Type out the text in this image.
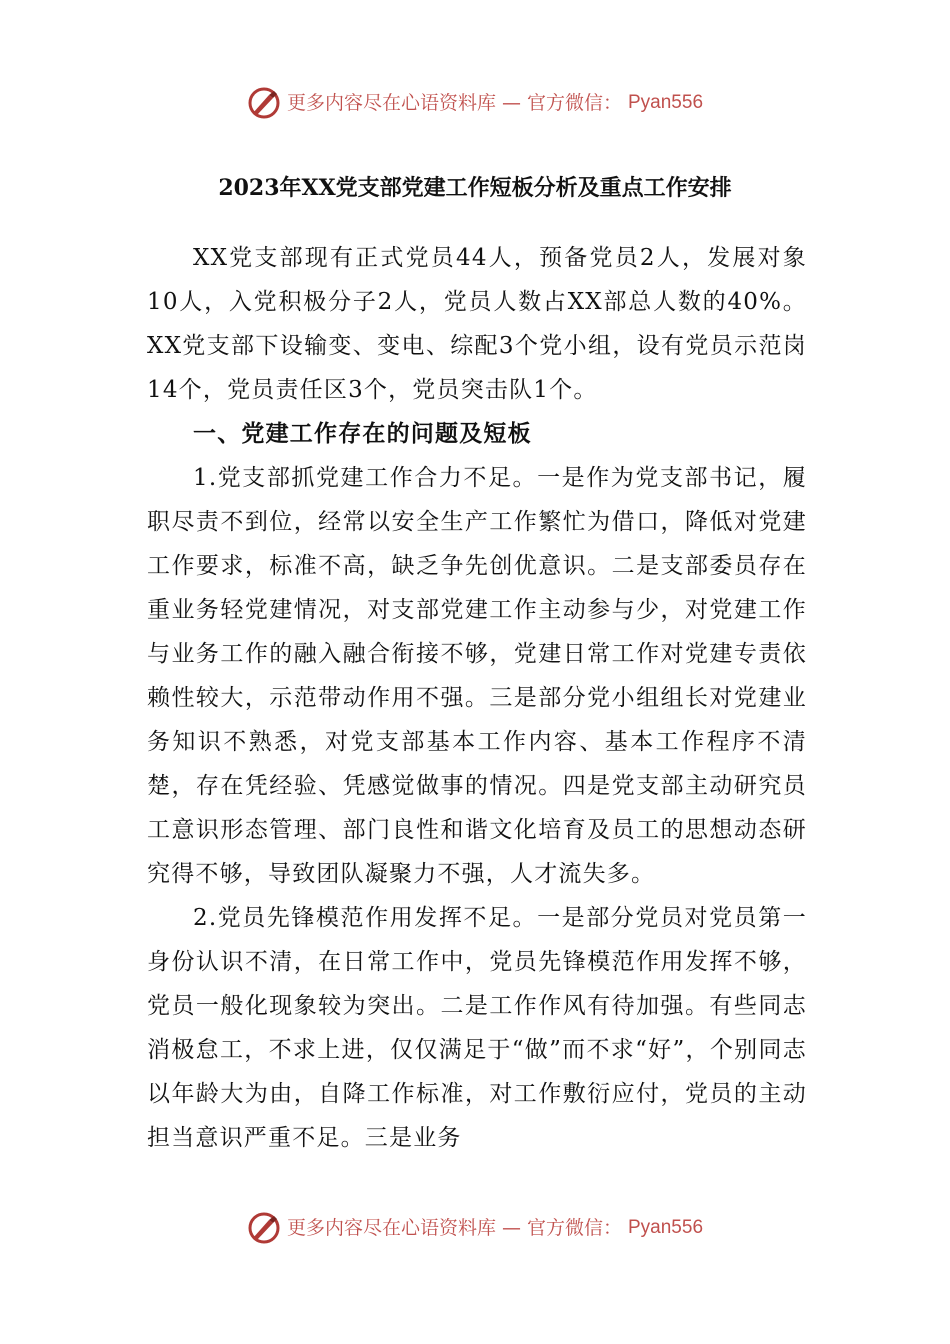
更多内容尽在心语资料库 — 官方微信： Pyan556
2023年XX党支部党建工作短板分析及重点工作安排

XX党支部现有正式党员44人，预备党员2人，发展对象10人，入党积极分子2人，党员人数占XX部总人数的40%。XX党支部下设输变、变电、综配3个党小组，设有党员示范岗14个，党员责任区3个，党员突击队1个。

一、党建工作存在的问题及短板

1.党支部抓党建工作合力不足。一是作为党支部书记，履职尽责不到位，经常以安全生产工作繁忙为借口，降低对党建工作要求，标准不高，缺乏争先创优意识。二是支部委员存在重业务轻党建情况，对支部党建工作主动参与少，对党建工作与业务工作的融入融合衔接不够，党建日常工作对党建专责依赖性较大，示范带动作用不强。三是部分党小组组长对党建业务知识不熟悉，对党支部基本工作内容、基本工作程序不清楚，存在凭经验、凭感觉做事的情况。四是党支部主动研究员工意识形态管理、部门良性和谐文化培育及员工的思想动态研究得不够，导致团队凝聚力不强，人才流失多。

2.党员先锋模范作用发挥不足。一是部分党员对党员第一身份认识不清，在日常工作中，党员先锋模范作用发挥不够，党员一般化现象较为突出。二是工作作风有待加强。有些同志消极怠工，不求上进，仅仅满足于“做”而不求“好”，个别同志以年龄大为由，自降工作标准，对工作敷衍应付，党员的主动担当意识严重不足。三是业务

更多内容尽在心语资料库 — 官方微信： Pyan556
